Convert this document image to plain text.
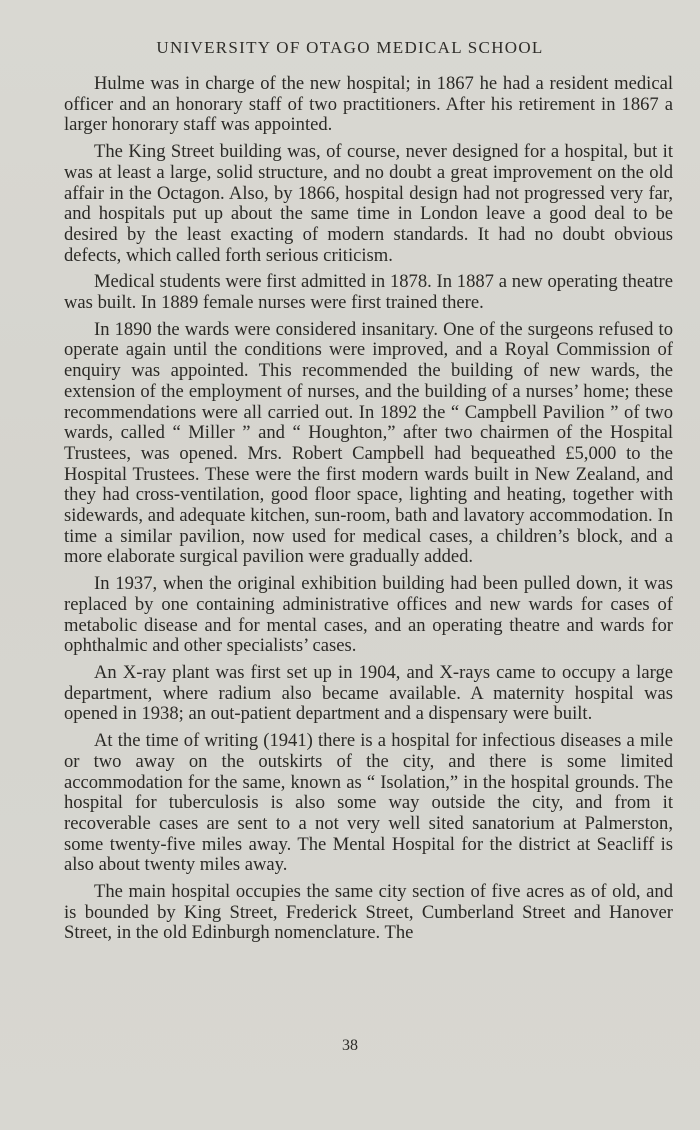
UNIVERSITY OF OTAGO MEDICAL SCHOOL

Hulme was in charge of the new hospital; in 1867 he had a resident medical officer and an honorary staff of two practitioners. After his retirement in 1867 a larger honorary staff was appointed.

The King Street building was, of course, never designed for a hospital, but it was at least a large, solid structure, and no doubt a great improvement on the old affair in the Octagon. Also, by 1866, hospital design had not progressed very far, and hospitals put up about the same time in London leave a good deal to be desired by the least exacting of modern standards. It had no doubt obvious defects, which called forth serious criticism.

Medical students were first admitted in 1878. In 1887 a new operating theatre was built. In 1889 female nurses were first trained there.

In 1890 the wards were considered insanitary. One of the surgeons refused to operate again until the conditions were improved, and a Royal Commission of enquiry was appointed. This recommended the building of new wards, the extension of the employment of nurses, and the building of a nurses’ home; these recommendations were all carried out. In 1892 the “ Campbell Pavilion ” of two wards, called “ Miller ” and “ Houghton,” after two chairmen of the Hospital Trustees, was opened. Mrs. Robert Campbell had bequeathed £5,000 to the Hospital Trustees. These were the first modern wards built in New Zealand, and they had cross-ventilation, good floor space, lighting and heating, together with sidewards, and adequate kitchen, sun-room, bath and lavatory accommodation. In time a similar pavilion, now used for medical cases, a children’s block, and a more elaborate surgical pavilion were gradually added.

In 1937, when the original exhibition building had been pulled down, it was replaced by one containing administrative offices and new wards for cases of metabolic disease and for mental cases, and an operating theatre and wards for ophthalmic and other specialists’ cases.

An X-ray plant was first set up in 1904, and X-rays came to occupy a large department, where radium also became available. A maternity hospital was opened in 1938; an out-patient department and a dispensary were built.

At the time of writing (1941) there is a hospital for infectious diseases a mile or two away on the outskirts of the city, and there is some limited accommodation for the same, known as “ Isolation,” in the hospital grounds. The hospital for tuberculosis is also some way outside the city, and from it recoverable cases are sent to a not very well sited sanatorium at Palmerston, some twenty-five miles away. The Mental Hospital for the district at Seacliff is also about twenty miles away.

The main hospital occupies the same city section of five acres as of old, and is bounded by King Street, Frederick Street, Cumberland Street and Hanover Street, in the old Edinburgh nomenclature. The

38
